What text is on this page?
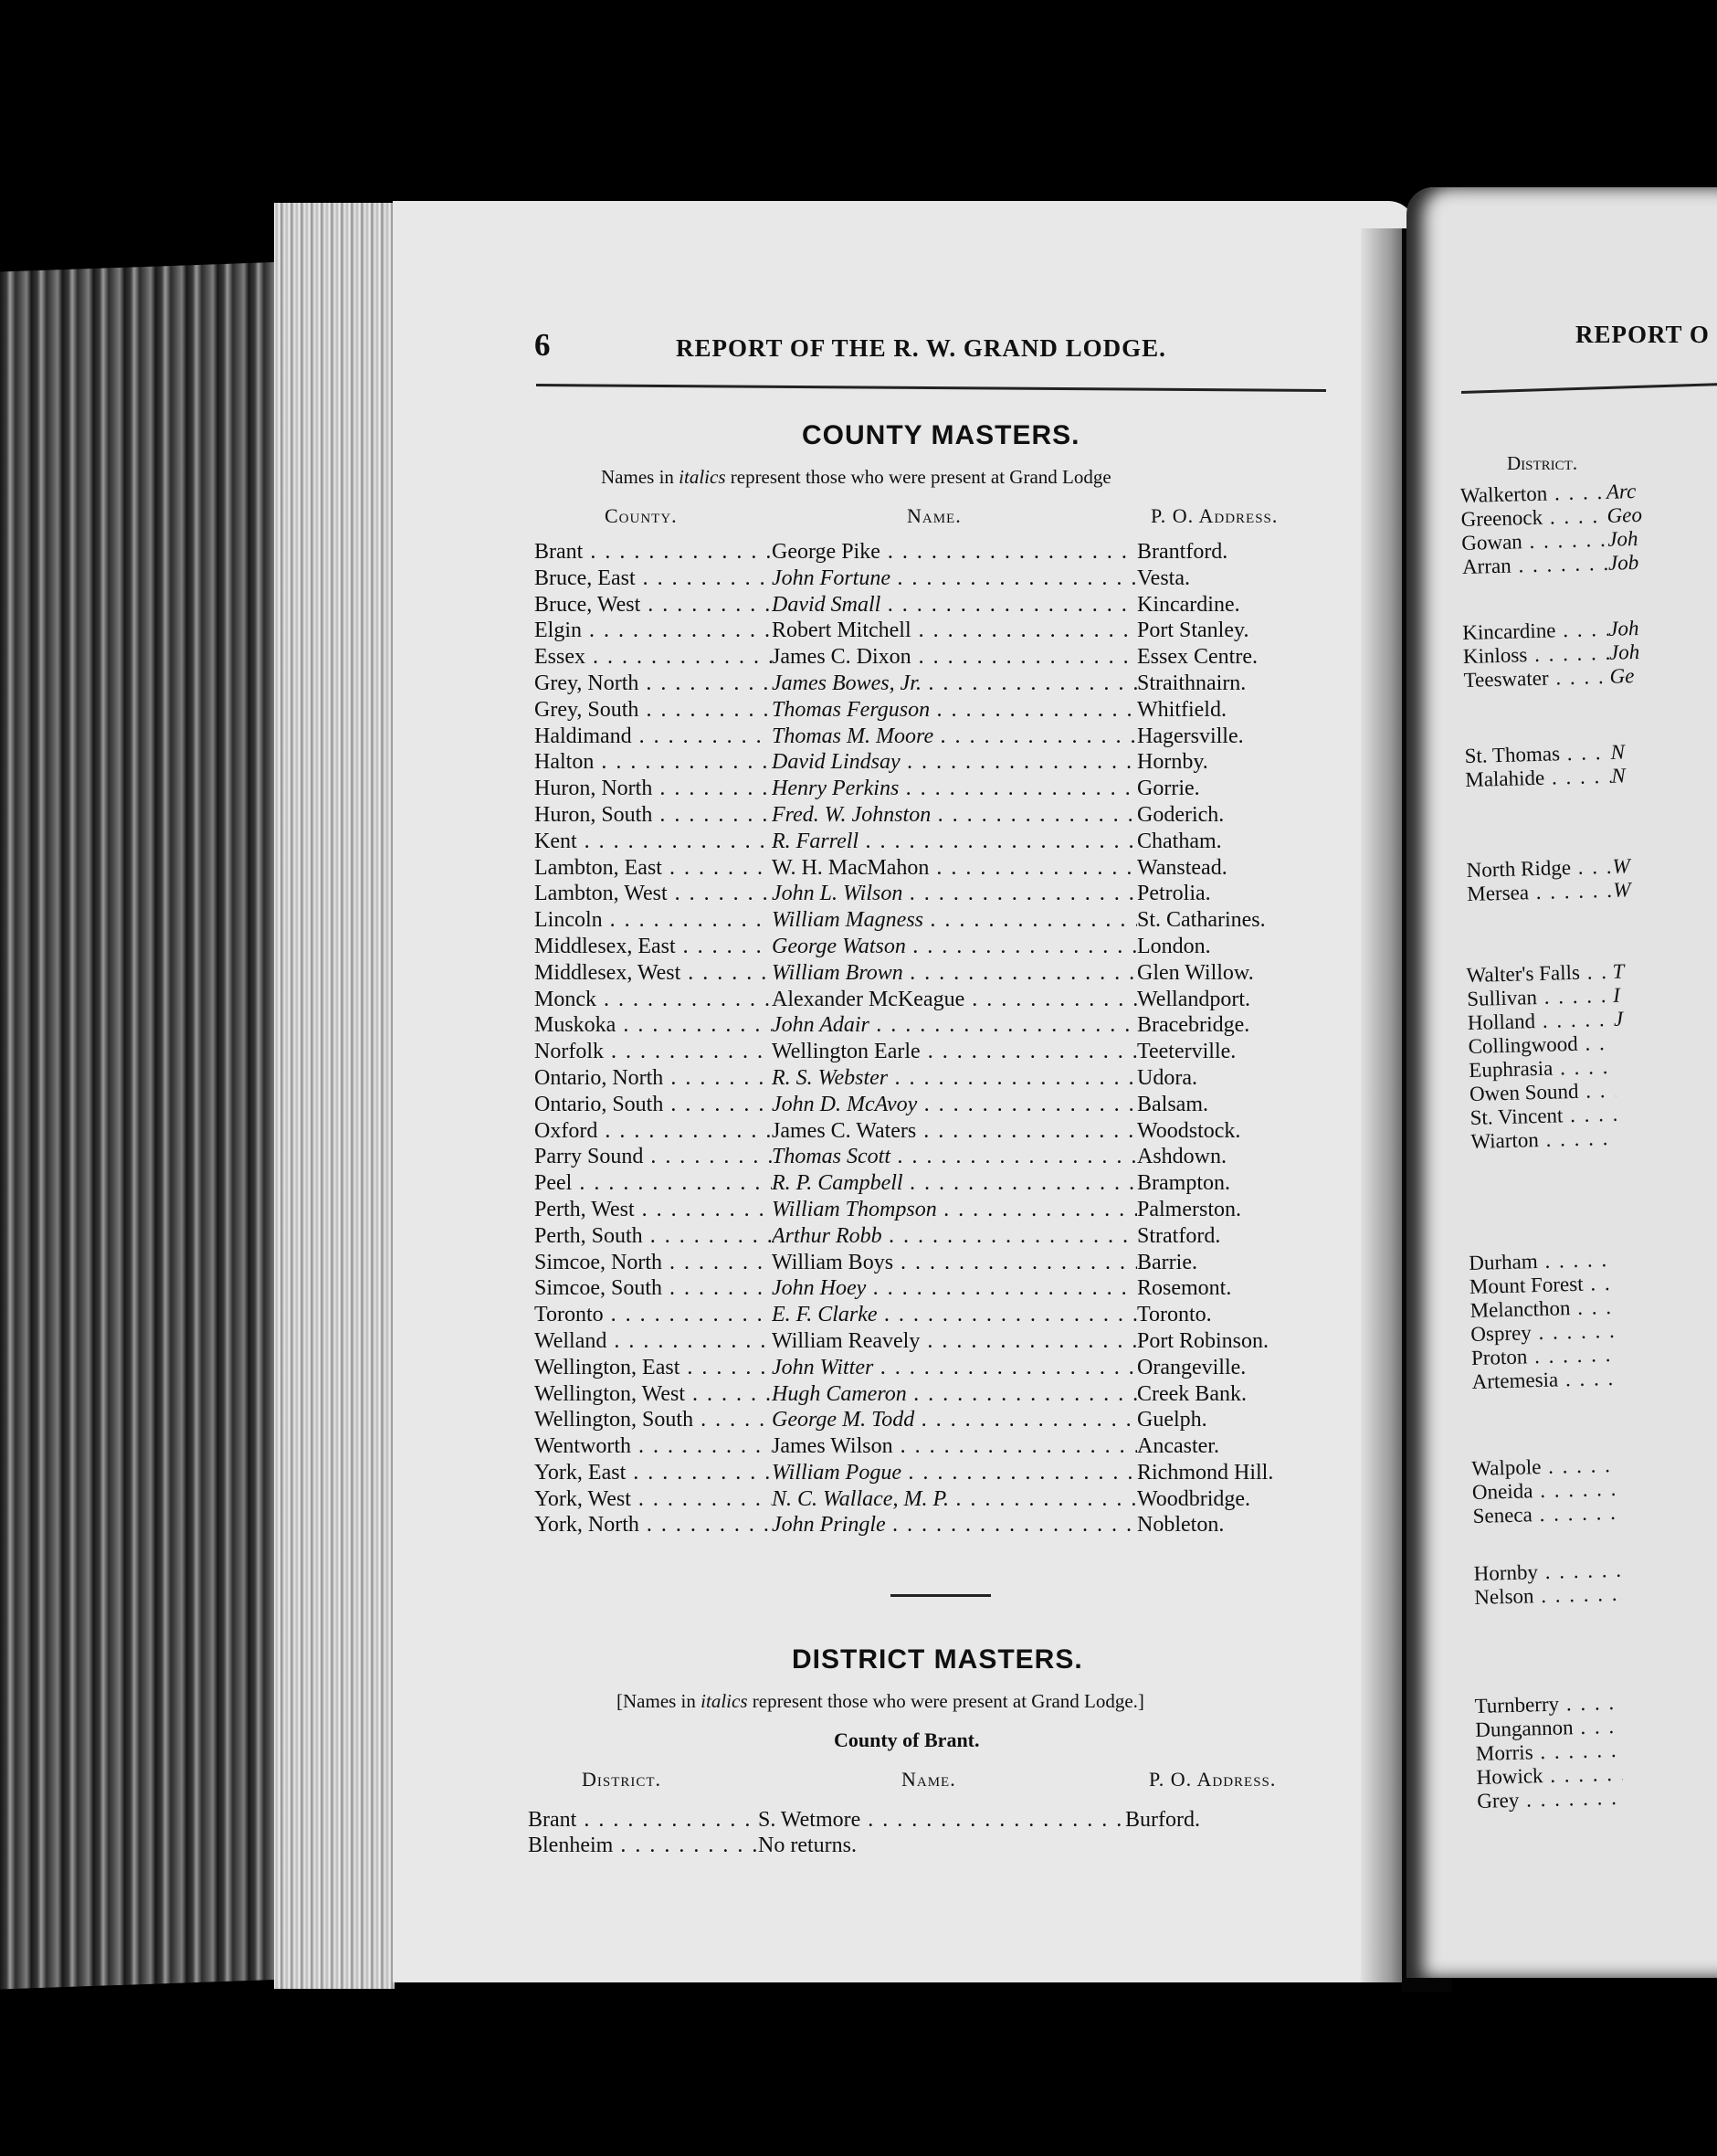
6	REPORT OF THE R. W. GRAND LODGE.
COUNTY MASTERS.
Names in italics represent those who were present at Grand Lodge
County.	Name.	P. O. Address.
Brant . . .	George Pike . . .	Brantford.
Bruce, East . . .	John Fortune . . .	Vesta.
Bruce, West . . .	David Small . . .	Kincardine.
Elgin . . .	Robert Mitchell . . .	Port Stanley.
Essex . . .	James C. Dixon . . .	Essex Centre.
Grey, North . . .	James Bowes, Jr. . . .	Straithnairn.
Grey, South . . .	Thomas Ferguson . . .	Whitfield.
Haldimand . . .	Thomas M. Moore . . .	Hagersville.
Halton . . .	David Lindsay . . .	Hornby.
Huron, North . . .	Henry Perkins . . .	Gorrie.
Huron, South . . .	Fred. W. Johnston . . .	Goderich.
Kent . . .	R. Farrell . . .	Chatham.
Lambton, East . . .	W. H. MacMahon . . .	Wanstead.
Lambton, West . . .	John L. Wilson . . .	Petrolia.
Lincoln . . .	William Magness . . .	St. Catharines.
Middlesex, East . . .	George Watson . . .	London.
Middlesex, West . . .	William Brown . . .	Glen Willow.
Monck . . .	Alexander McKeague . . .	Wellandport.
Muskoka . . .	John Adair . . .	Bracebridge.
Norfolk . . .	Wellington Earle . . .	Teeterville.
Ontario, North . . .	R. S. Webster . . .	Udora.
Ontario, South . . .	John D. McAvoy . . .	Balsam.
Oxford . . .	James C. Waters . . .	Woodstock.
Parry Sound . . .	Thomas Scott . . .	Ashdown.
Peel . . .	R. P. Campbell . . .	Brampton.
Perth, West . . .	William Thompson . . .	Palmerston.
Perth, South . . .	Arthur Robb . . .	Stratford.
Simcoe, North . . .	William Boys . . .	Barrie.
Simcoe, South . . .	John Hoey . . .	Rosemont.
Toronto . . .	E. F. Clarke . . .	Toronto.
Welland . . .	William Reavely . . .	Port Robinson.
Wellington, East . . .	John Witter . . .	Orangeville.
Wellington, West . . .	Hugh Cameron . . .	Creek Bank.
Wellington, South . . .	George M. Todd . . .	Guelph.
Wentworth . . .	James Wilson . . .	Ancaster.
York, East . . .	William Pogue . . .	Richmond Hill.
York, West . . .	N. C. Wallace, M. P. . . .	Woodbridge.
York, North . . .	John Pringle . . .	Nobleton.
DISTRICT MASTERS.
[Names in italics represent those who were present at Grand Lodge.]
County of Brant.
District.	Name.	P. O. Address.
Brant . . .	S. Wetmore . . .	Burford.
Blenheim . . .	No returns.
REPORT O
District.
Walkerton . . .	Arc
Greenock . . .	Geo
Gowan . . .	Joh
Arran . . .	Job
Kincardine . . .	Joh
Kinloss . . .	Joh
Teeswater . . .	Ge
St. Thomas . . .	N
Malahide . . .	N
North Ridge . . .	W
Mersea . . .	W
Walter's Falls . . .	T
Sullivan . . .	I
Holland . . .	J
Collingwood . . .
Euphrasia . . .
Owen Sound . . .
St. Vincent . . .
Wiarton . . .
Durham . . .
Mount Forest . . .
Melancthon . . .
Osprey . . .
Proton . . .
Artemesia . . .
Walpole . . .
Oneida . . .
Seneca . . .
Hornby . . .
Nelson . . .
Turnberry . . .
Dungannon . . .
Morris . . .
Howick . . .
Grey . . .
